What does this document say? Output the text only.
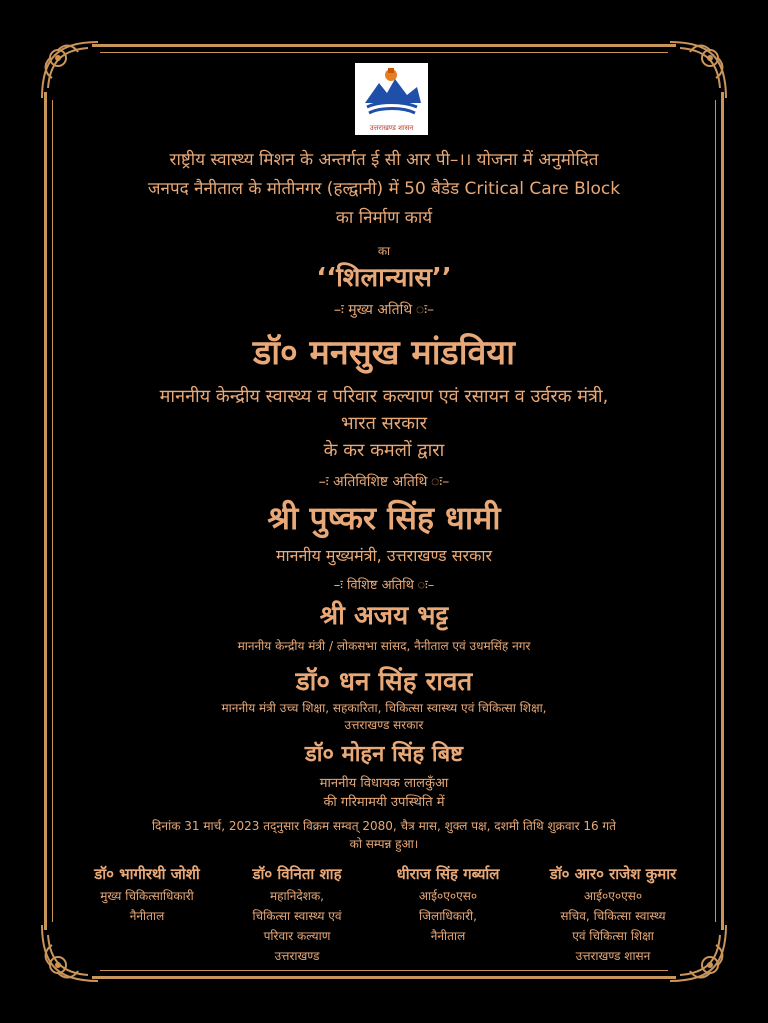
उत्तराखण्ड शासन
राष्ट्रीय स्वास्थ्य मिशन के अन्तर्गत ई सी आर पी–।। योजना में अनुमोदित
जनपद नैनीताल के मोतीनगर (हल्द्वानी) में 50 बैडेड Critical Care Block
का निर्माण कार्य
का
‘‘शिलान्यास’’
–ः मुख्य अतिथि ः–
डॉ० मनसुख मांडविया
माननीय केन्द्रीय स्वास्थ्य व परिवार कल्याण एवं रसायन व उर्वरक मंत्री,
भारत सरकार
के कर कमलों द्वारा
–ः अतिविशिष्ट अतिथि ः–
श्री पुष्कर सिंह धामी
माननीय मुख्यमंत्री, उत्तराखण्ड सरकार
–ः विशिष्ट अतिथि ः–
श्री अजय भट्ट
माननीय केन्द्रीय मंत्री / लोकसभा सांसद, नैनीताल एवं उधमसिंह नगर
डॉ० धन सिंह रावत
माननीय मंत्री उच्च शिक्षा, सहकारिता, चिकित्सा स्वास्थ्य एवं चिकित्सा शिक्षा,
उत्तराखण्ड सरकार
डॉ० मोहन सिंह बिष्ट
माननीय विधायक लालकुँआ
की गरिमामयी उपस्थिति में
दिनांक 31 मार्च, 2023 तद्नुसार विक्रम सम्वत् 2080, चैत्र मास, शुक्ल पक्ष, दशमी तिथि शुक्रवार 16 गते
को सम्पन्न हुआ।
डॉ० भागीरथी जोशी
मुख्य चिकित्साधिकारी
नैनीताल
डॉ० विनिता शाह
महानिदेशक,
चिकित्सा स्वास्थ्य एवं
परिवार कल्याण
उत्तराखण्ड
धीराज सिंह गर्ब्याल
आई०ए०एस०
जिलाधिकारी,
नैनीताल
डॉ० आर० राजेश कुमार
आई०ए०एस०
सचिव, चिकित्सा स्वास्थ्य
एवं चिकित्सा शिक्षा
उत्तराखण्ड शासन
